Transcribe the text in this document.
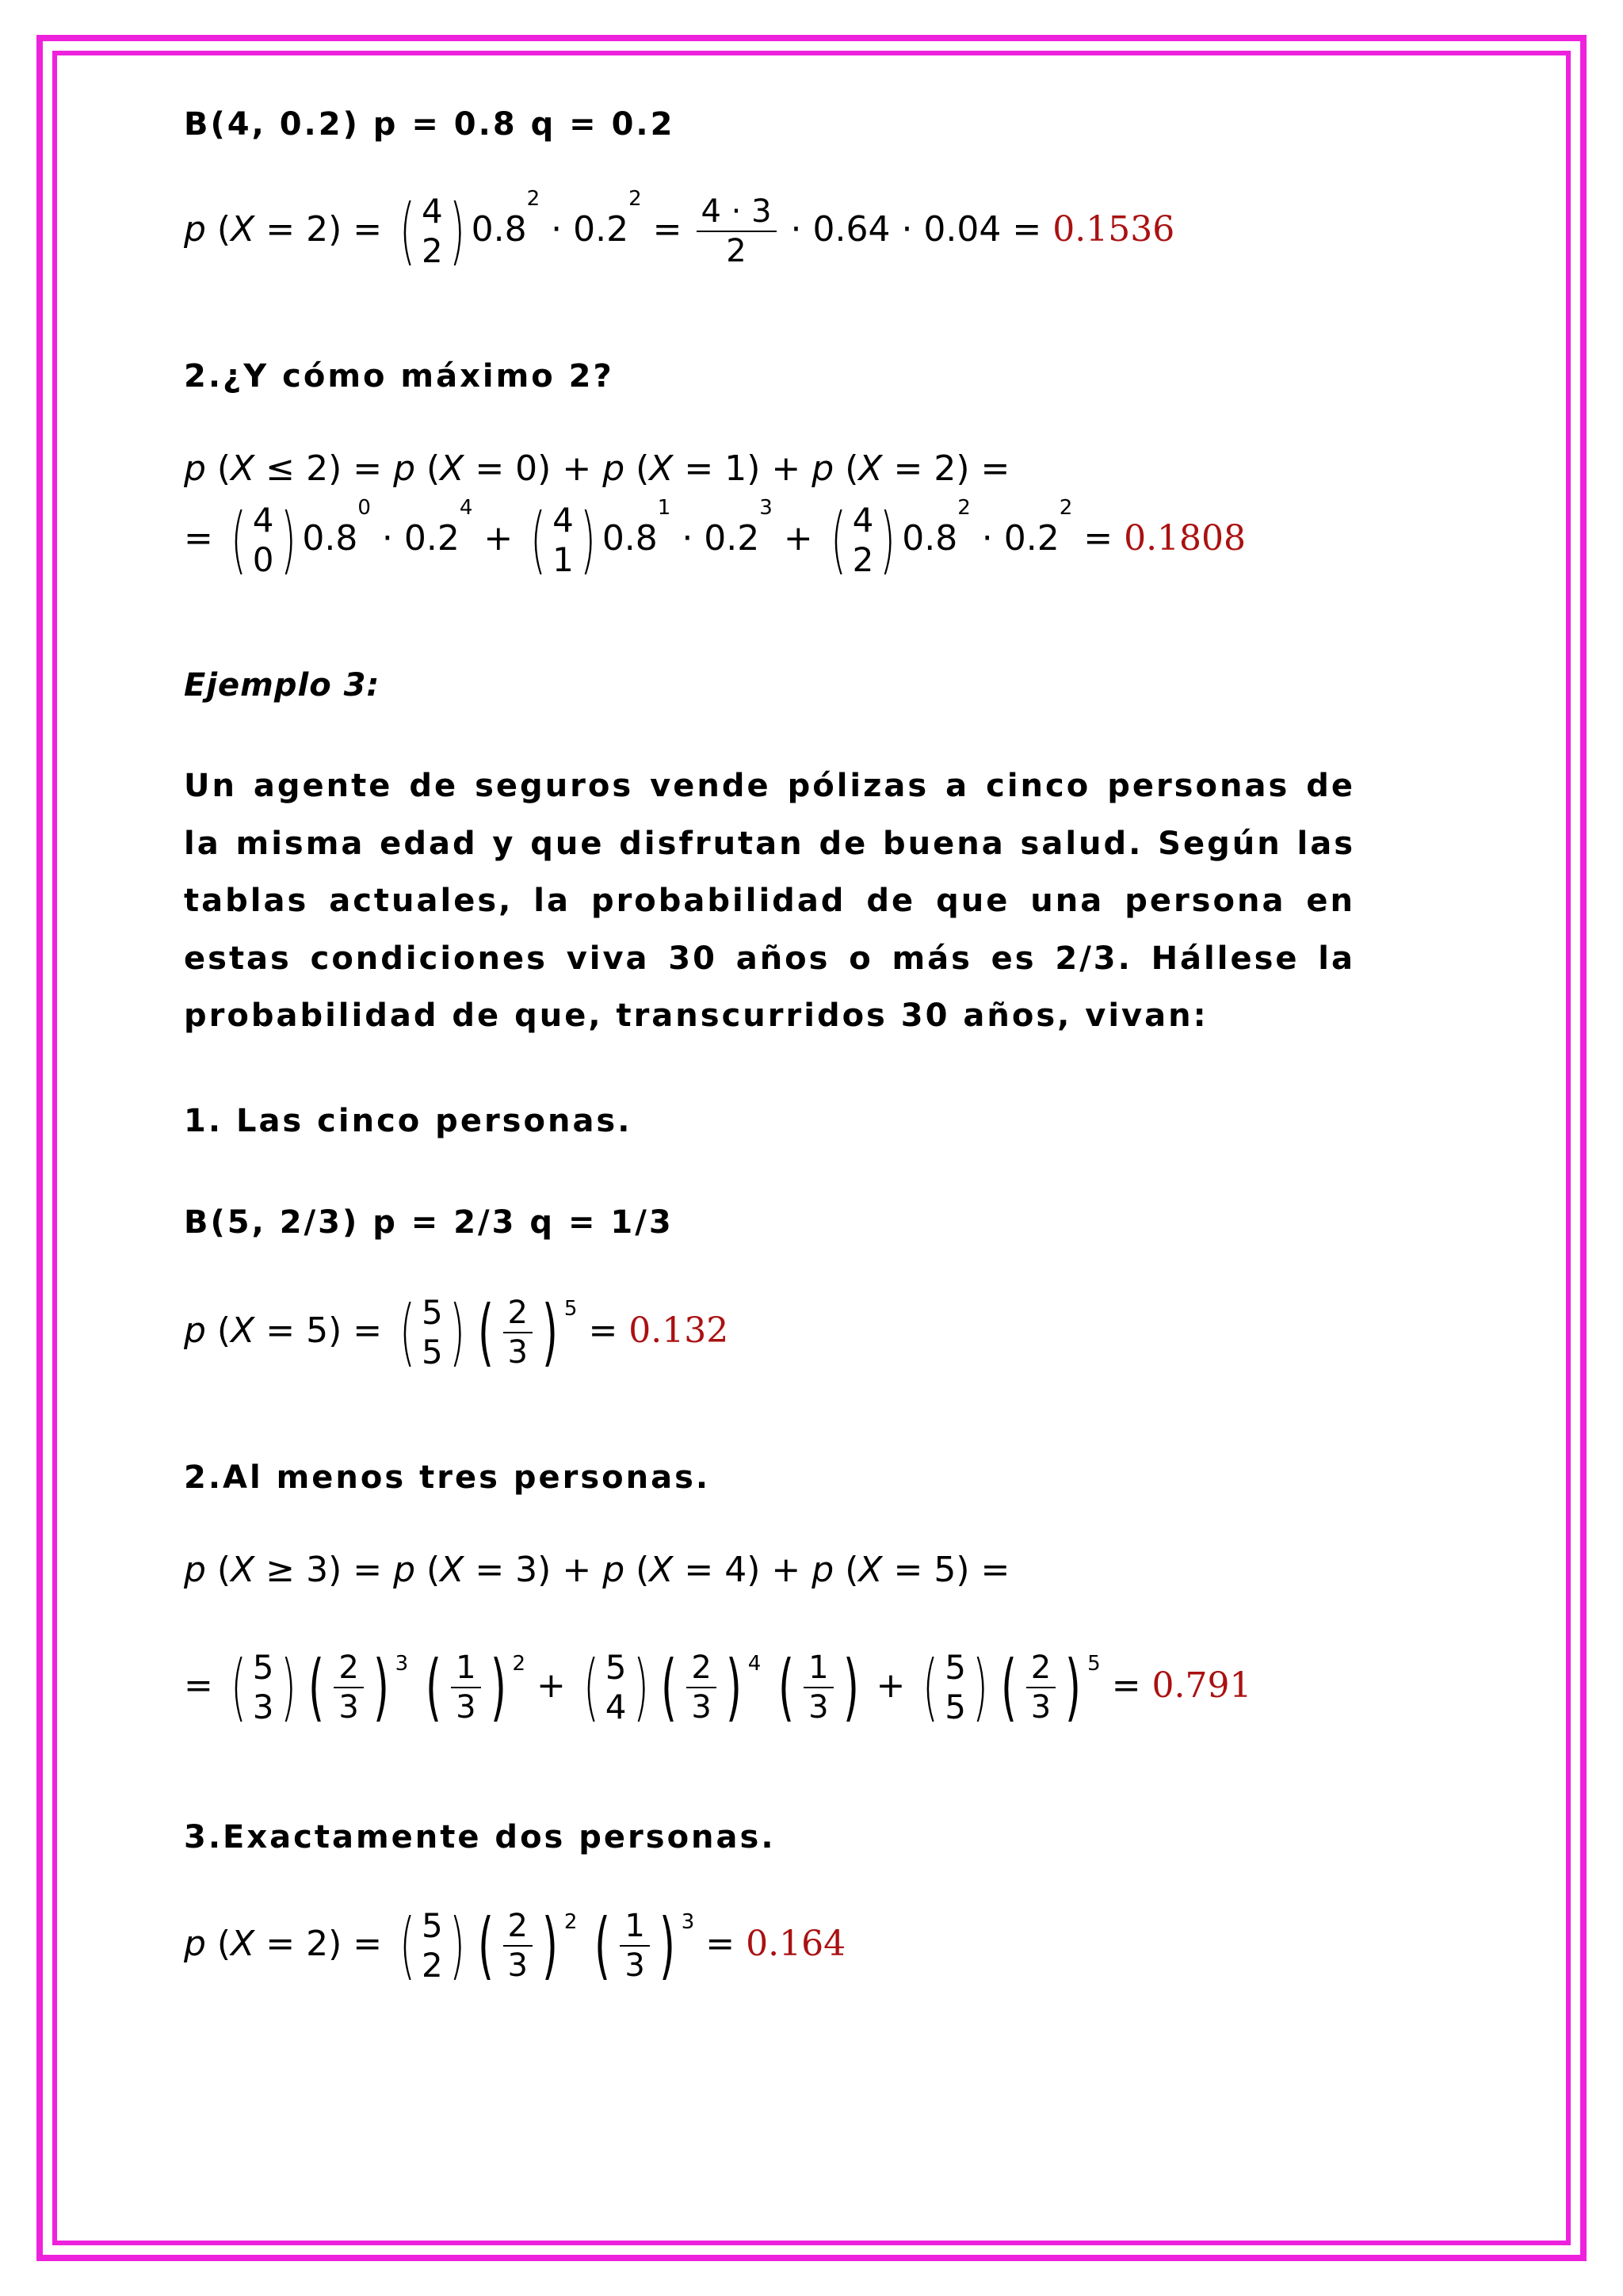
B(4, 0.2) p = 0.8 q = 0.2
p (X = 2) = ( 4
2 ) $0.8^2 \cdot 0.2^2 = \frac{4 \cdot 3}{2} \cdot 0.64 \cdot 0.04 = 0.1536$
2.¿Y cómo máximo 2?
p (X ≤ 2) = p (X = 0) + p (X = 1) + p (X = 2) =
= ( 4
0 ) $0.8^0 \cdot 0.2^4$ + ( 4
1 ) $0.8^1 \cdot 0.2^3$ + ( 4
2 ) $0.8^2 \cdot 0.2^2 = 0.1808$
Ejemplo 3:
Un agente de seguros vende pólizas a cinco personas de la misma edad y que disfrutan de buena salud. Según las tablas actuales, la probabilidad de que una persona en estas condiciones viva 30 años o más es 2/3. Hállese la probabilidad de que, transcurridos 30 años, vivan:
1. Las cinco personas.
B(5, 2/3) p = 2/3 q = 1/3
p (X = 5) = ( 5
5 ) ( $\frac{2}{3}$ ) $^5$
= 0.132
2.Al menos tres personas.
p (X ≥ 3) = p (X = 3) + p (X = 4) + p (X = 5) =
= ( 5
3 ) ( $\frac{2}{3}$ ) $^3$
( $\frac{1}{3}$ ) $^2$
+ ( 5
4 ) ( $\frac{2}{3}$ ) $^4$
( $\frac{1}{3}$ ) + ( 5
5 ) ( $\frac{2}{3}$ ) $^5$
= 0.791
3.Exactamente dos personas.
p (X = 2) = ( 5
2 ) ( $\frac{2}{3}$ ) $^2$
( $\frac{1}{3}$ ) $^3$
= 0.164
